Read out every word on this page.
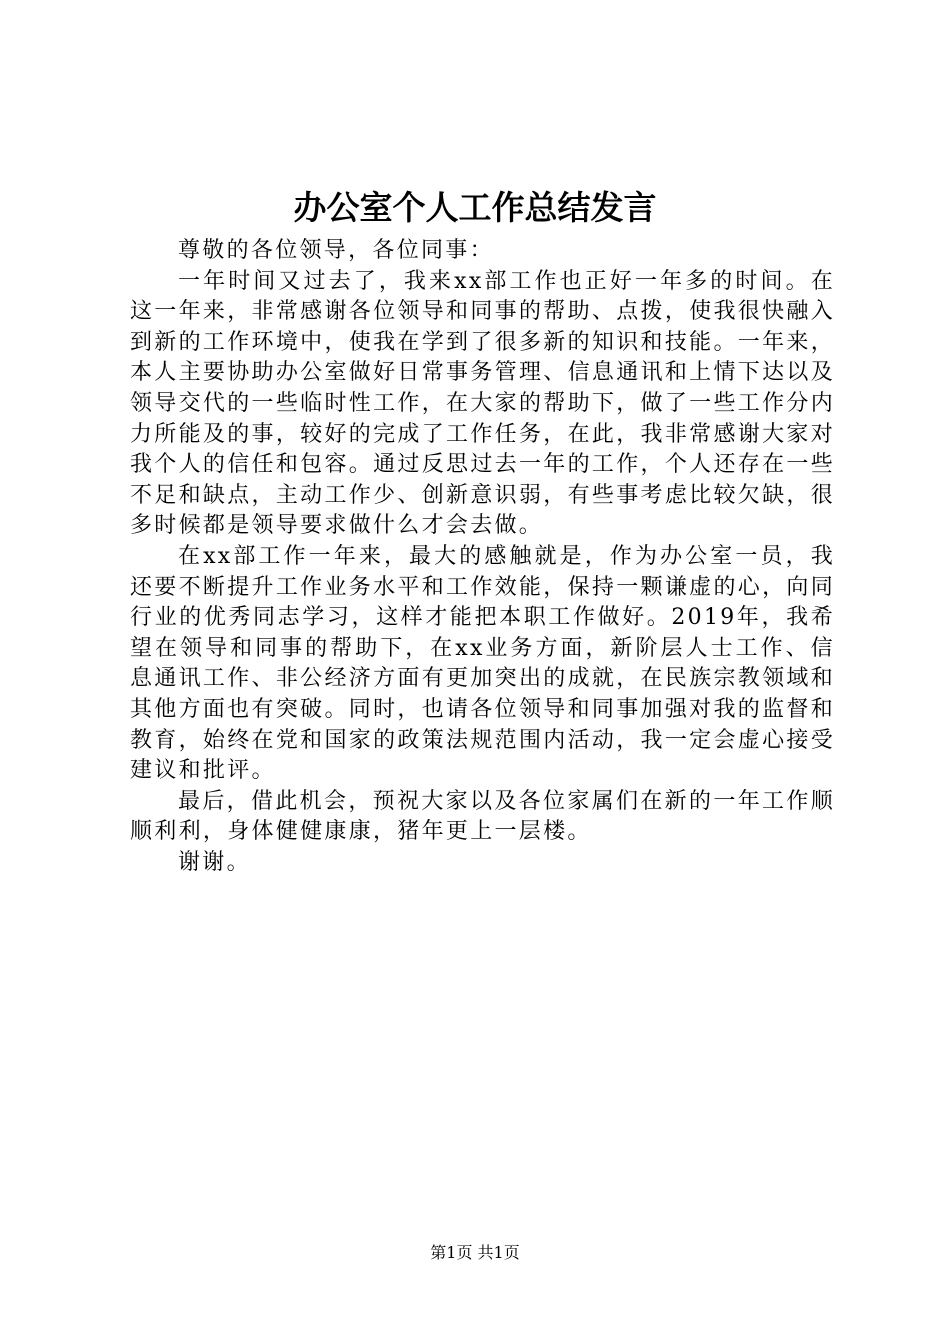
办公室个人工作总结发言

尊敬的各位领导，各位同事：

一年时间又过去了，我来xx部工作也正好一年多的时间。在这一年来，非常感谢各位领导和同事的帮助、点拨，使我很快融入到新的工作环境中，使我在学到了很多新的知识和技能。一年来，本人主要协助办公室做好日常事务管理、信息通讯和上情下达以及领导交代的一些临时性工作，在大家的帮助下，做了一些工作分内力所能及的事，较好的完成了工作任务，在此，我非常感谢大家对我个人的信任和包容。通过反思过去一年的工作，个人还存在一些不足和缺点，主动工作少、创新意识弱，有些事考虑比较欠缺，很多时候都是领导要求做什么才会去做。

在xx部工作一年来，最大的感触就是，作为办公室一员，我还要不断提升工作业务水平和工作效能，保持一颗谦虚的心，向同行业的优秀同志学习，这样才能把本职工作做好。2019年，我希望在领导和同事的帮助下，在xx业务方面，新阶层人士工作、信息通讯工作、非公经济方面有更加突出的成就，在民族宗教领域和其他方面也有突破。同时，也请各位领导和同事加强对我的监督和教育，始终在党和国家的政策法规范围内活动，我一定会虚心接受建议和批评。

最后，借此机会，预祝大家以及各位家属们在新的一年工作顺顺利利，身体健健康康，猪年更上一层楼。

谢谢。

第1页 共1页
